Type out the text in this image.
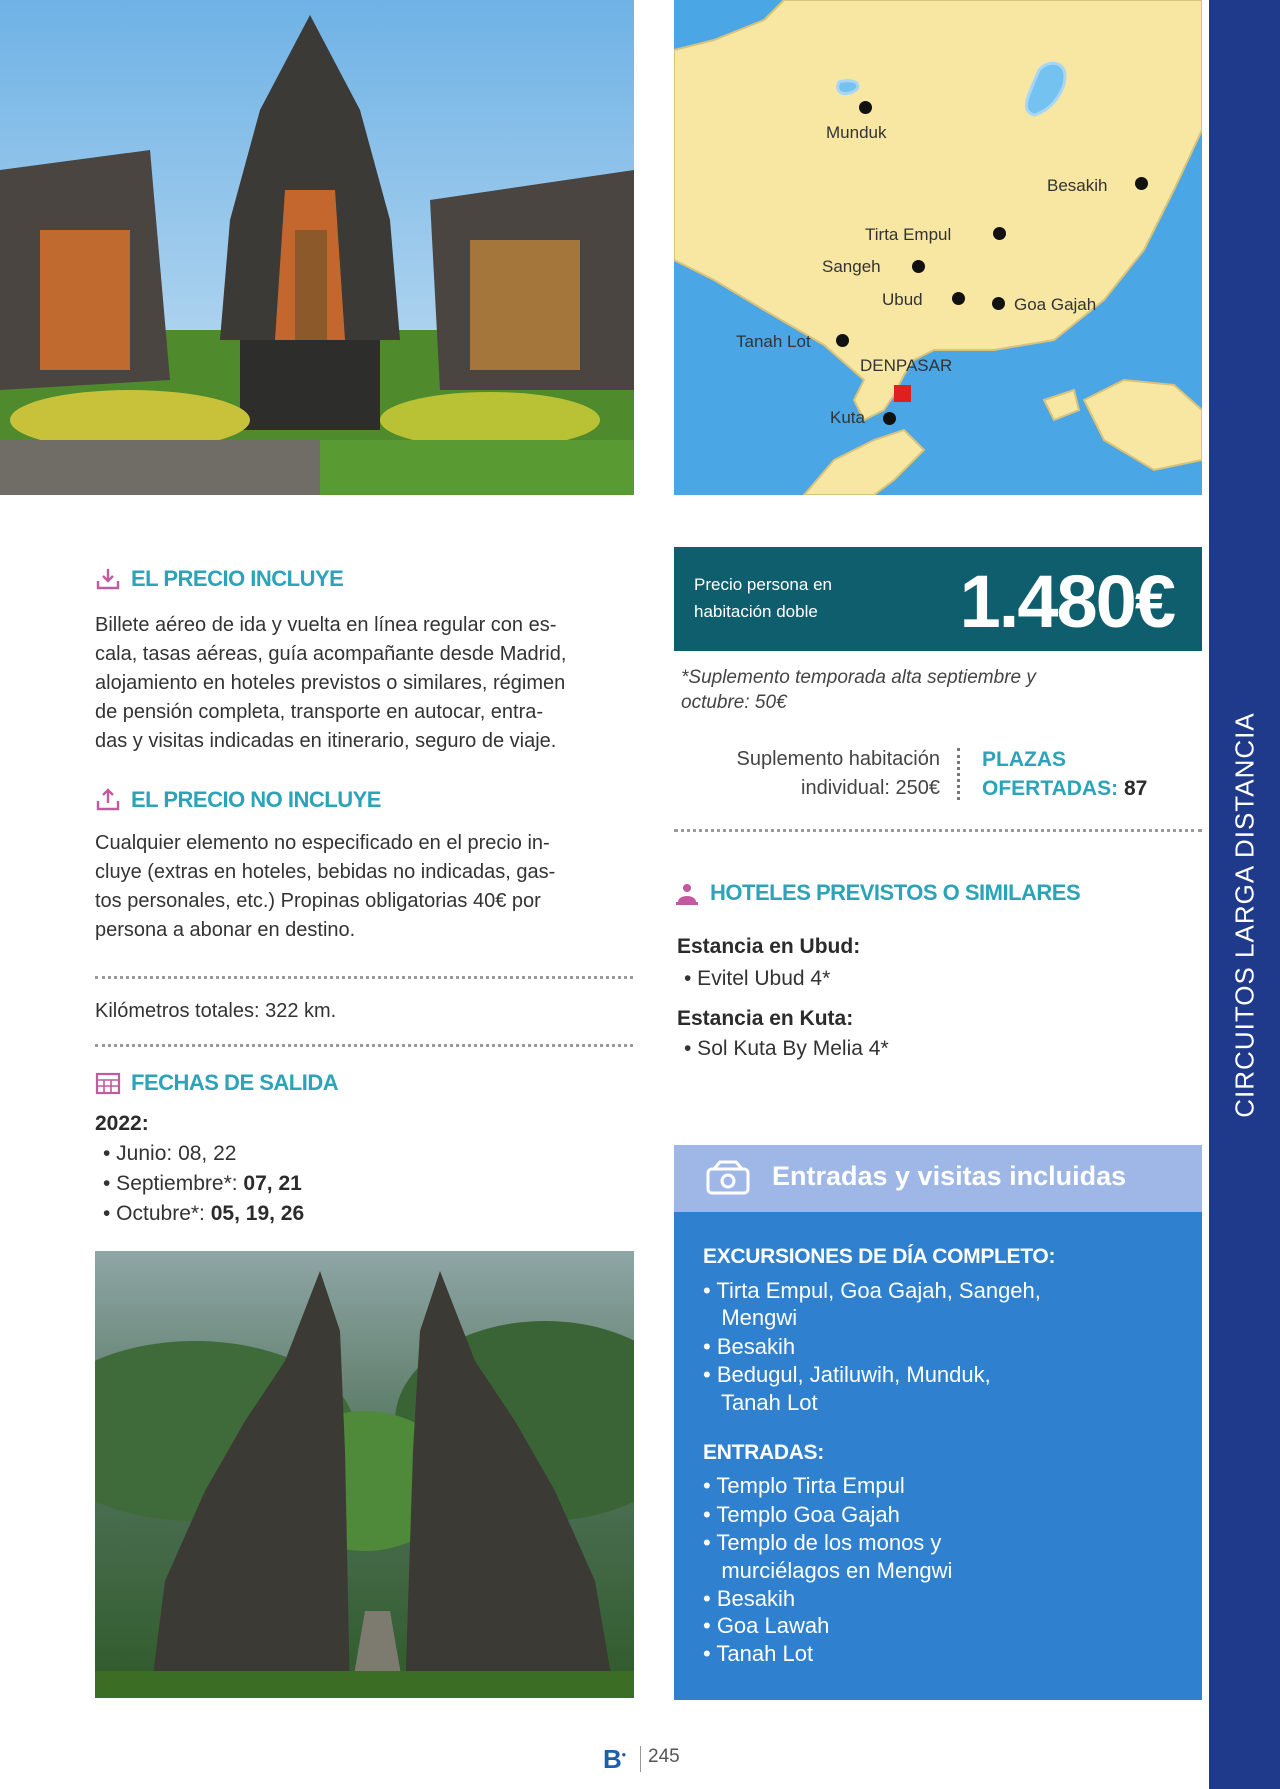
Munduk
Besakih
Tirta Empul
Sangeh
Ubud	Goa Gajah
Tanah Lot
DENPASAR
Kuta
CIRCUITOS LARGA DISTANCIA
EL PRECIO INCLUYE
Billete aéreo de ida y vuelta en línea regular con es-
cala, tasas aéreas, guía acompañante desde Madrid,
alojamiento en hoteles previstos o similares, régimen
de pensión completa, transporte en autocar, entra-
das y visitas indicadas en itinerario, seguro de viaje.
EL PRECIO NO INCLUYE
Cualquier elemento no especificado en el precio in-
cluye (extras en hoteles, bebidas no indicadas, gas-
tos personales, etc.) Propinas obligatorias 40€ por
persona a abonar en destino.
Kilómetros totales: 322 km.
FECHAS DE SALIDA
2022:
• Junio: 08, 22
• Septiembre*: 07, 21
• Octubre*: 05, 19, 26
Precio persona en
habitación doble	1.480€
*Suplemento temporada alta septiembre y
octubre: 50€
Suplemento habitación
individual: 250€
PLAZAS
OFERTADAS: 87
HOTELES PREVISTOS O SIMILARES
Estancia en Ubud:
• Evitel Ubud 4*
Estancia en Kuta:
• Sol Kuta By Melia 4*
Entradas y visitas incluidas
EXCURSIONES DE DÍA COMPLETO:
• Tirta Empul, Goa Gajah, Sangeh,
Mengwi
• Besakih
• Bedugul, Jatiluwih, Munduk,
Tanah Lot
ENTRADAS:
• Templo Tirta Empul
• Templo Goa Gajah
• Templo de los monos y
murciélagos en Mengwi
• Besakih
• Goa Lawah
• Tanah Lot
B• 245
